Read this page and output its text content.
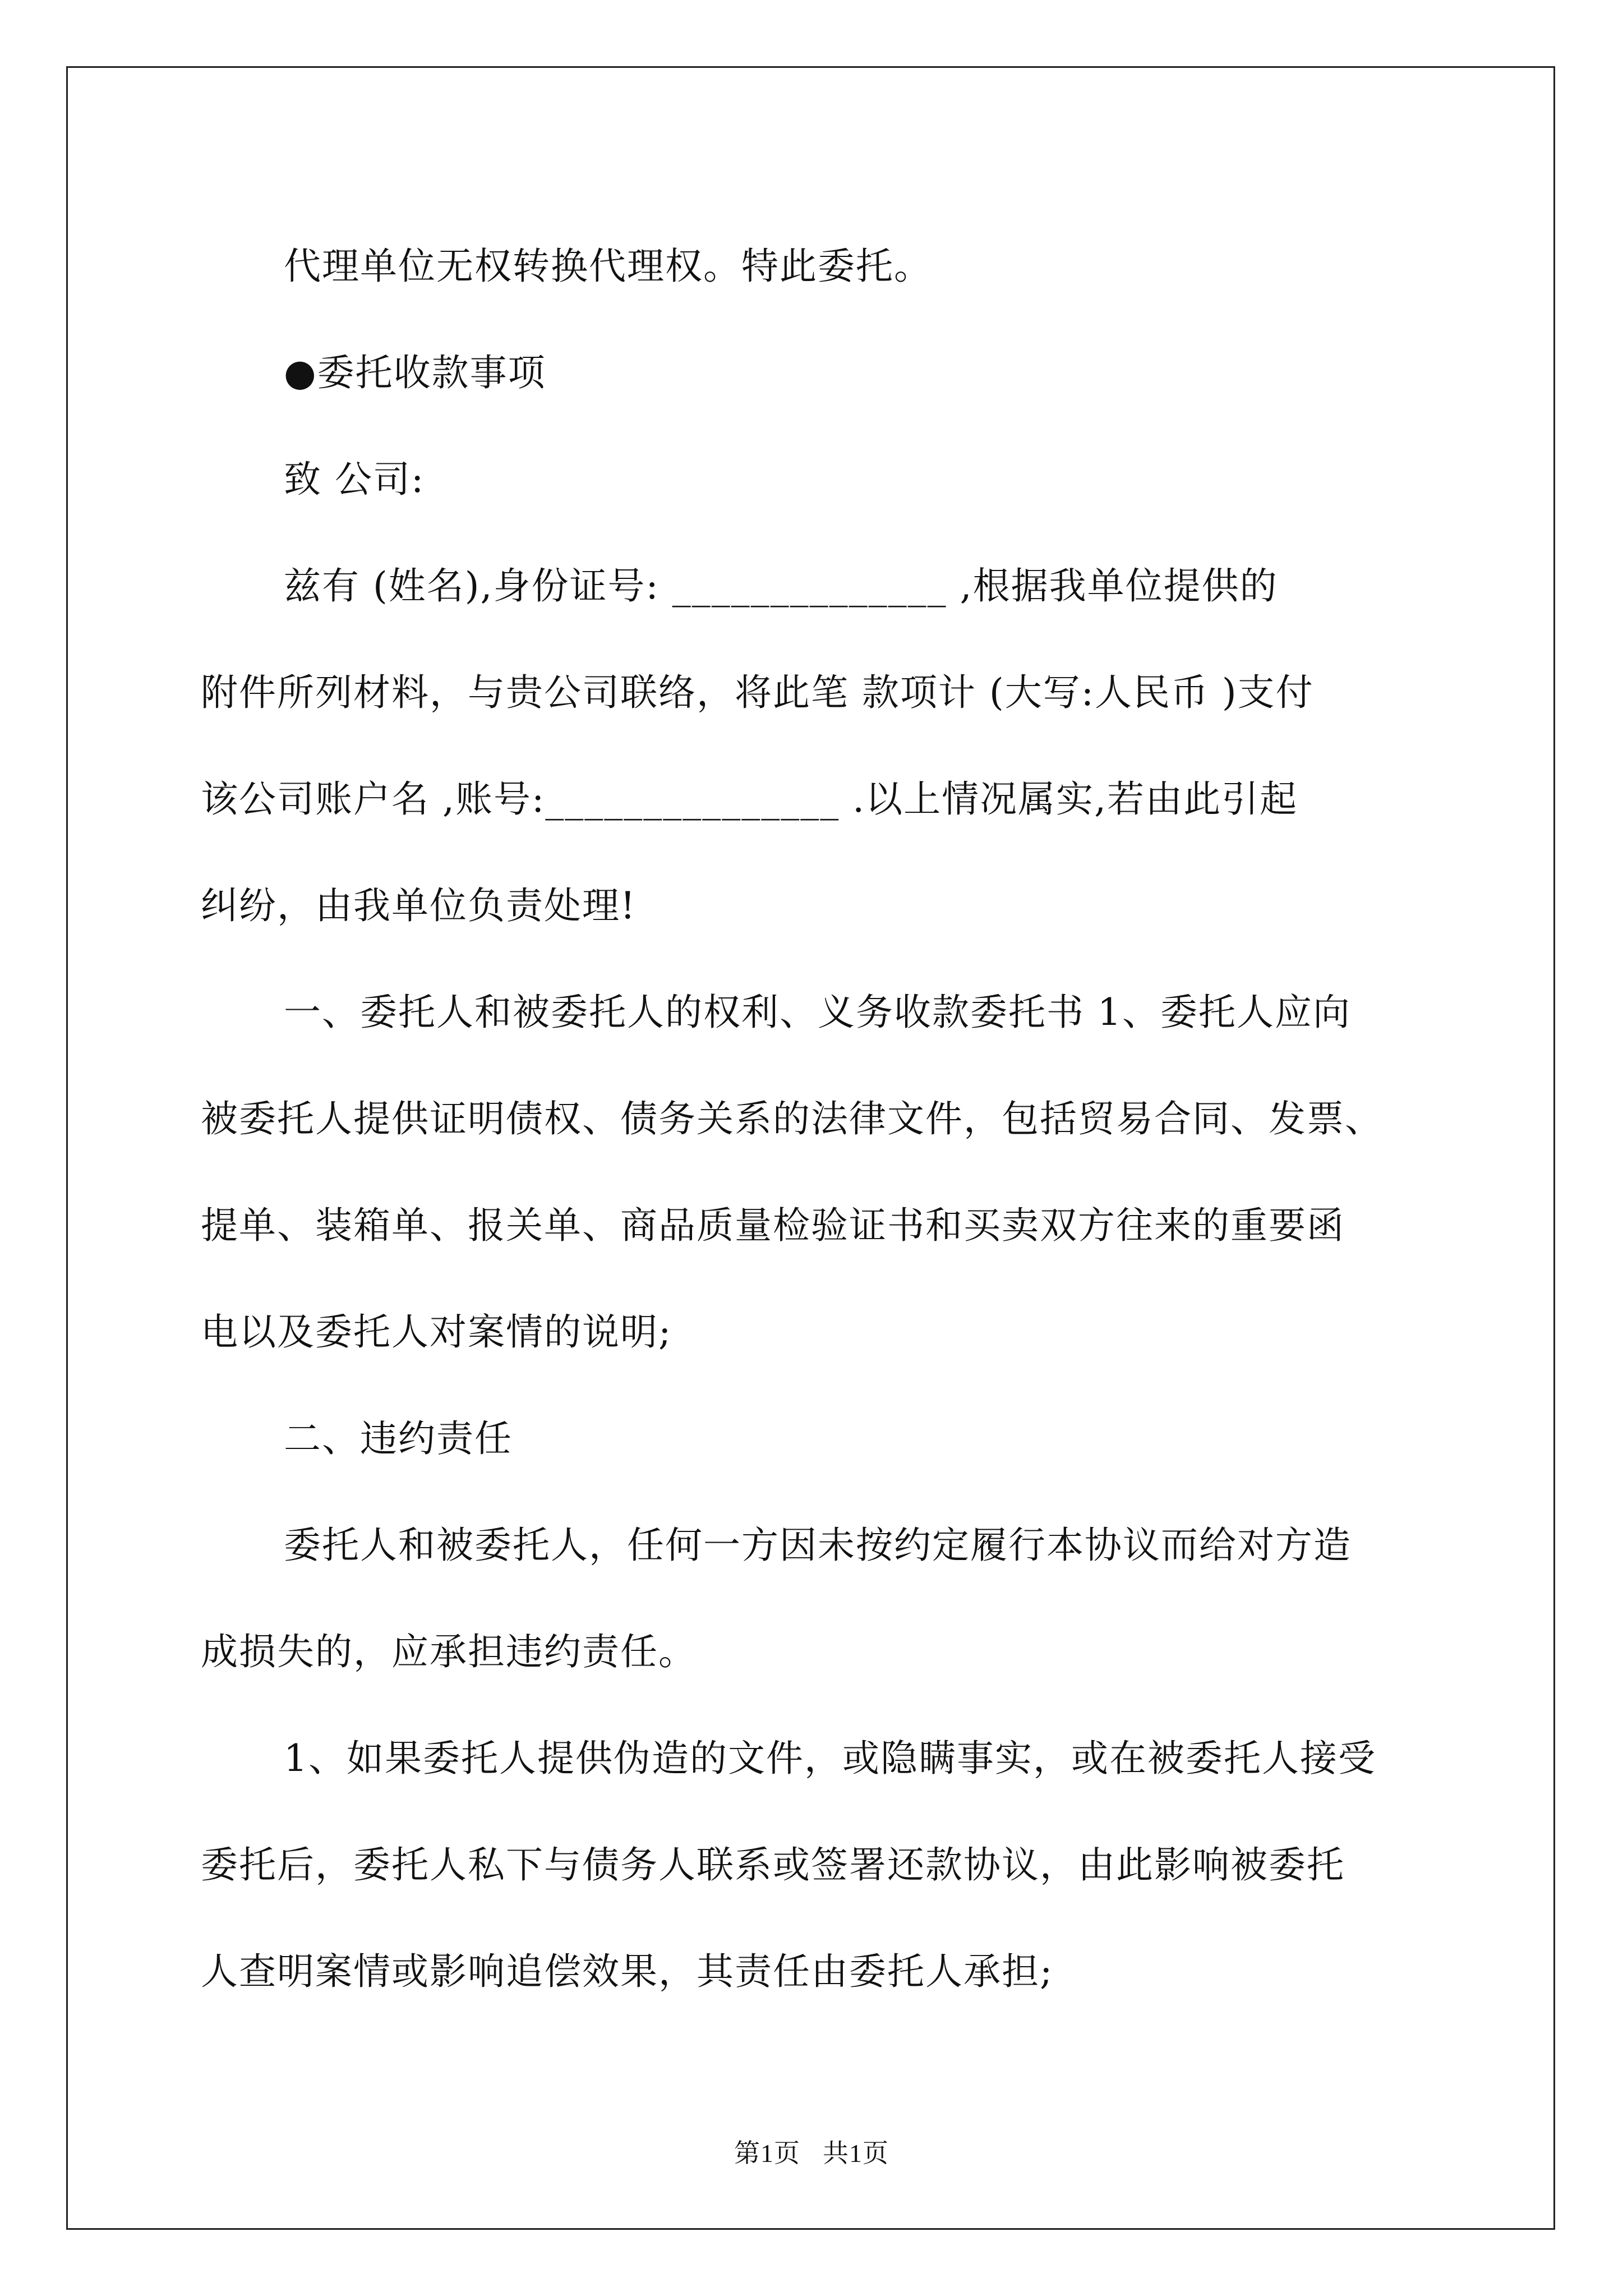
代理单位无权转换代理权。特此委托。
●委托收款事项
致 公司:
兹有 (姓名),身份证号: ______________ ,根据我单位提供的
附件所列材料，与贵公司联络，将此笔 款项计 (大写:人民币 )支付
该公司账户名 ,账号:_______________ .以上情况属实,若由此引起
纠纷，由我单位负责处理!
一、委托人和被委托人的权利、义务收款委托书 1、委托人应向
被委托人提供证明债权、债务关系的法律文件，包括贸易合同、发票、
提单、装箱单、报关单、商品质量检验证书和买卖双方往来的重要函
电以及委托人对案情的说明;
二、违约责任
委托人和被委托人，任何一方因未按约定履行本协议而给对方造
成损失的，应承担违约责任。
1、如果委托人提供伪造的文件，或隐瞒事实，或在被委托人接受
委托后，委托人私下与债务人联系或签署还款协议，由此影响被委托
人查明案情或影响追偿效果，其责任由委托人承担;
第1页 共1页
